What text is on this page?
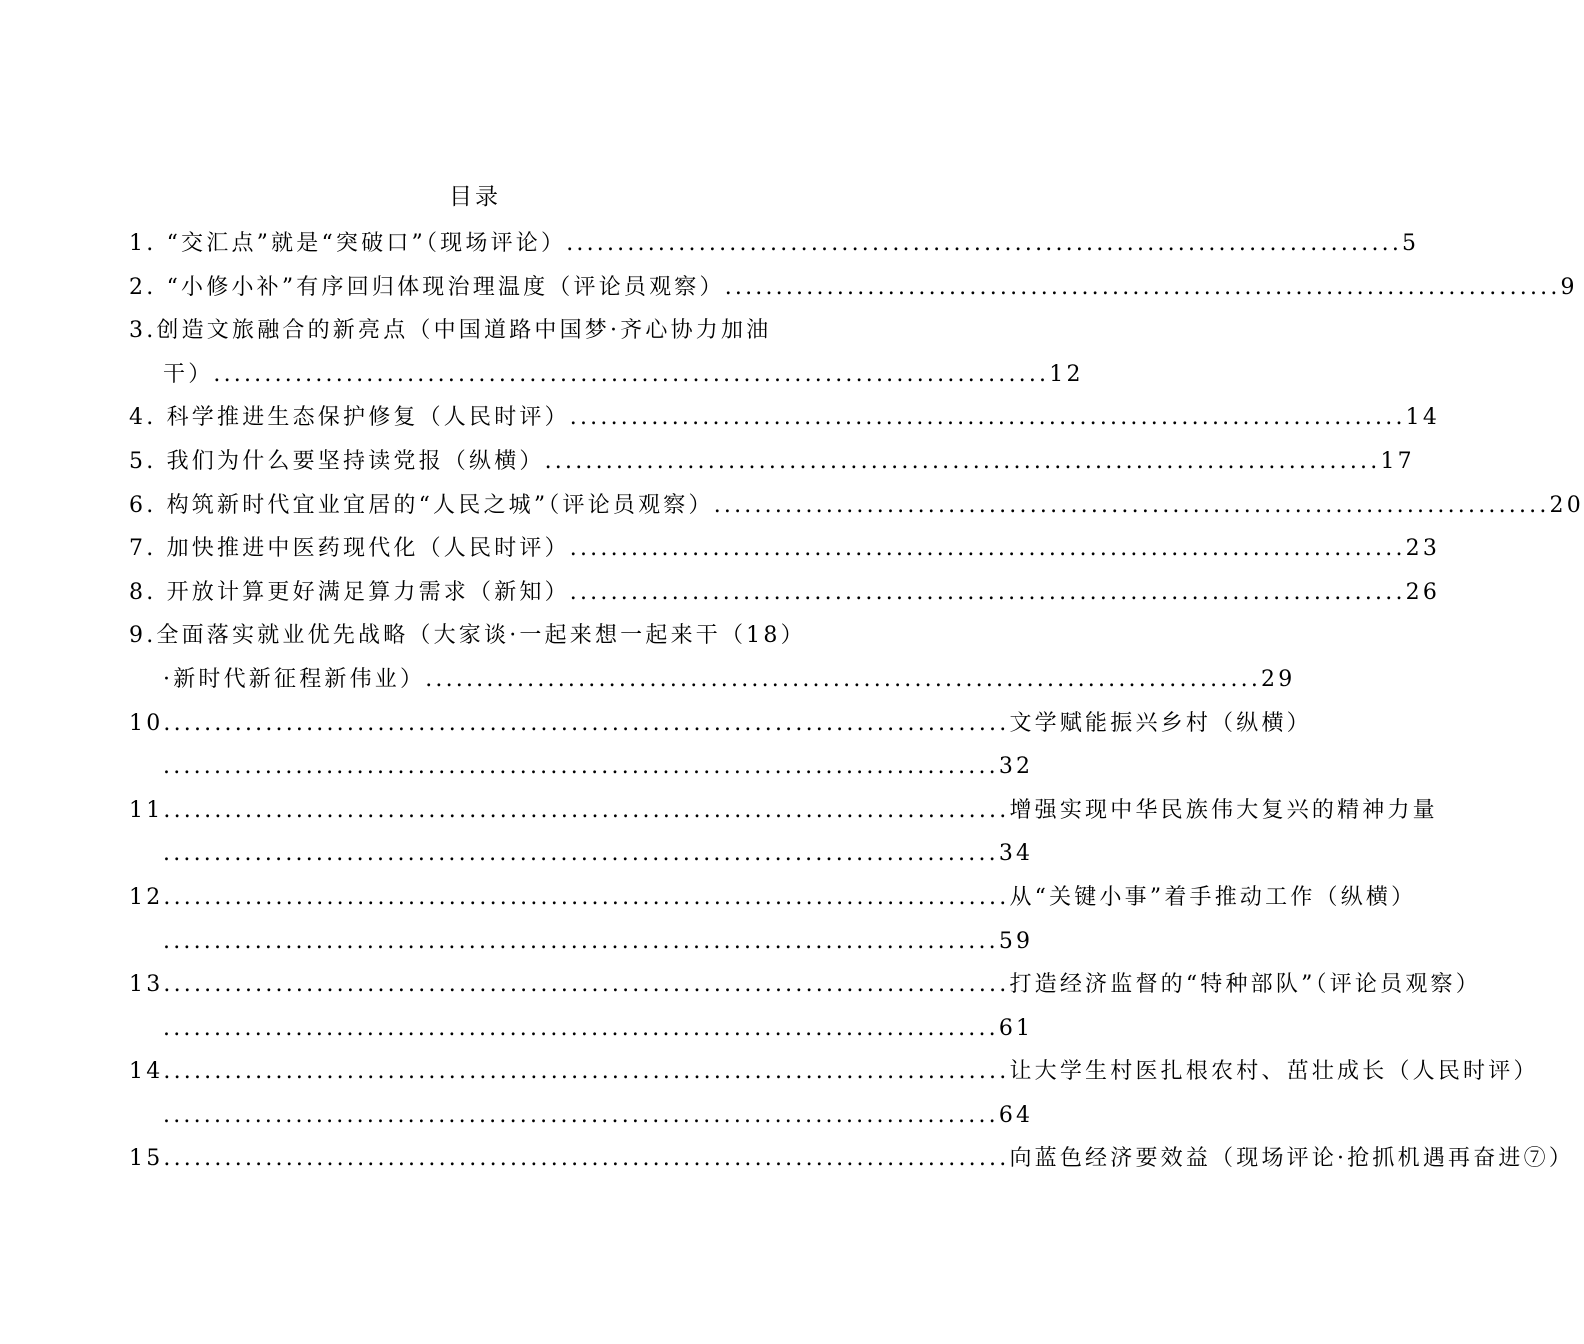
目录
1. “交汇点”就是“突破口”（现场评论） .................................................................................. 5
2. “小修小补”有序回归体现治理温度（评论员观察） .................................................................................. 9
3.创造文旅融合的新亮点（中国道路中国梦·齐心协力加油
干） .................................................................................. 12
4. 科学推进生态保护修复（人民时评） .................................................................................. 14
5. 我们为什么要坚持读党报（纵横） .................................................................................. 17
6. 构筑新时代宜业宜居的“人民之城”（评论员观察） .................................................................................. 20
7. 加快推进中医药现代化（人民时评） .................................................................................. 23
8. 开放计算更好满足算力需求（新知） .................................................................................. 26
9.全面落实就业优先战略（大家谈·一起来想一起来干（18）
·新时代新征程新伟业） .................................................................................. 29
10. .................................................................................. 文学赋能振兴乡村（纵横）
.................................................................................. 32
11. .................................................................................. 增强实现中华民族伟大复兴的精神力量
.................................................................................. 34
12. .................................................................................. 从“关键小事”着手推动工作（纵横）
.................................................................................. 59
13. .................................................................................. 打造经济监督的“特种部队”（评论员观察）
.................................................................................. 61
14. .................................................................................. 让大学生村医扎根农村、茁壮成长（人民时评）
.................................................................................. 64
15. .................................................................................. 向蓝色经济要效益（现场评论·抢抓机遇再奋进⑦）
